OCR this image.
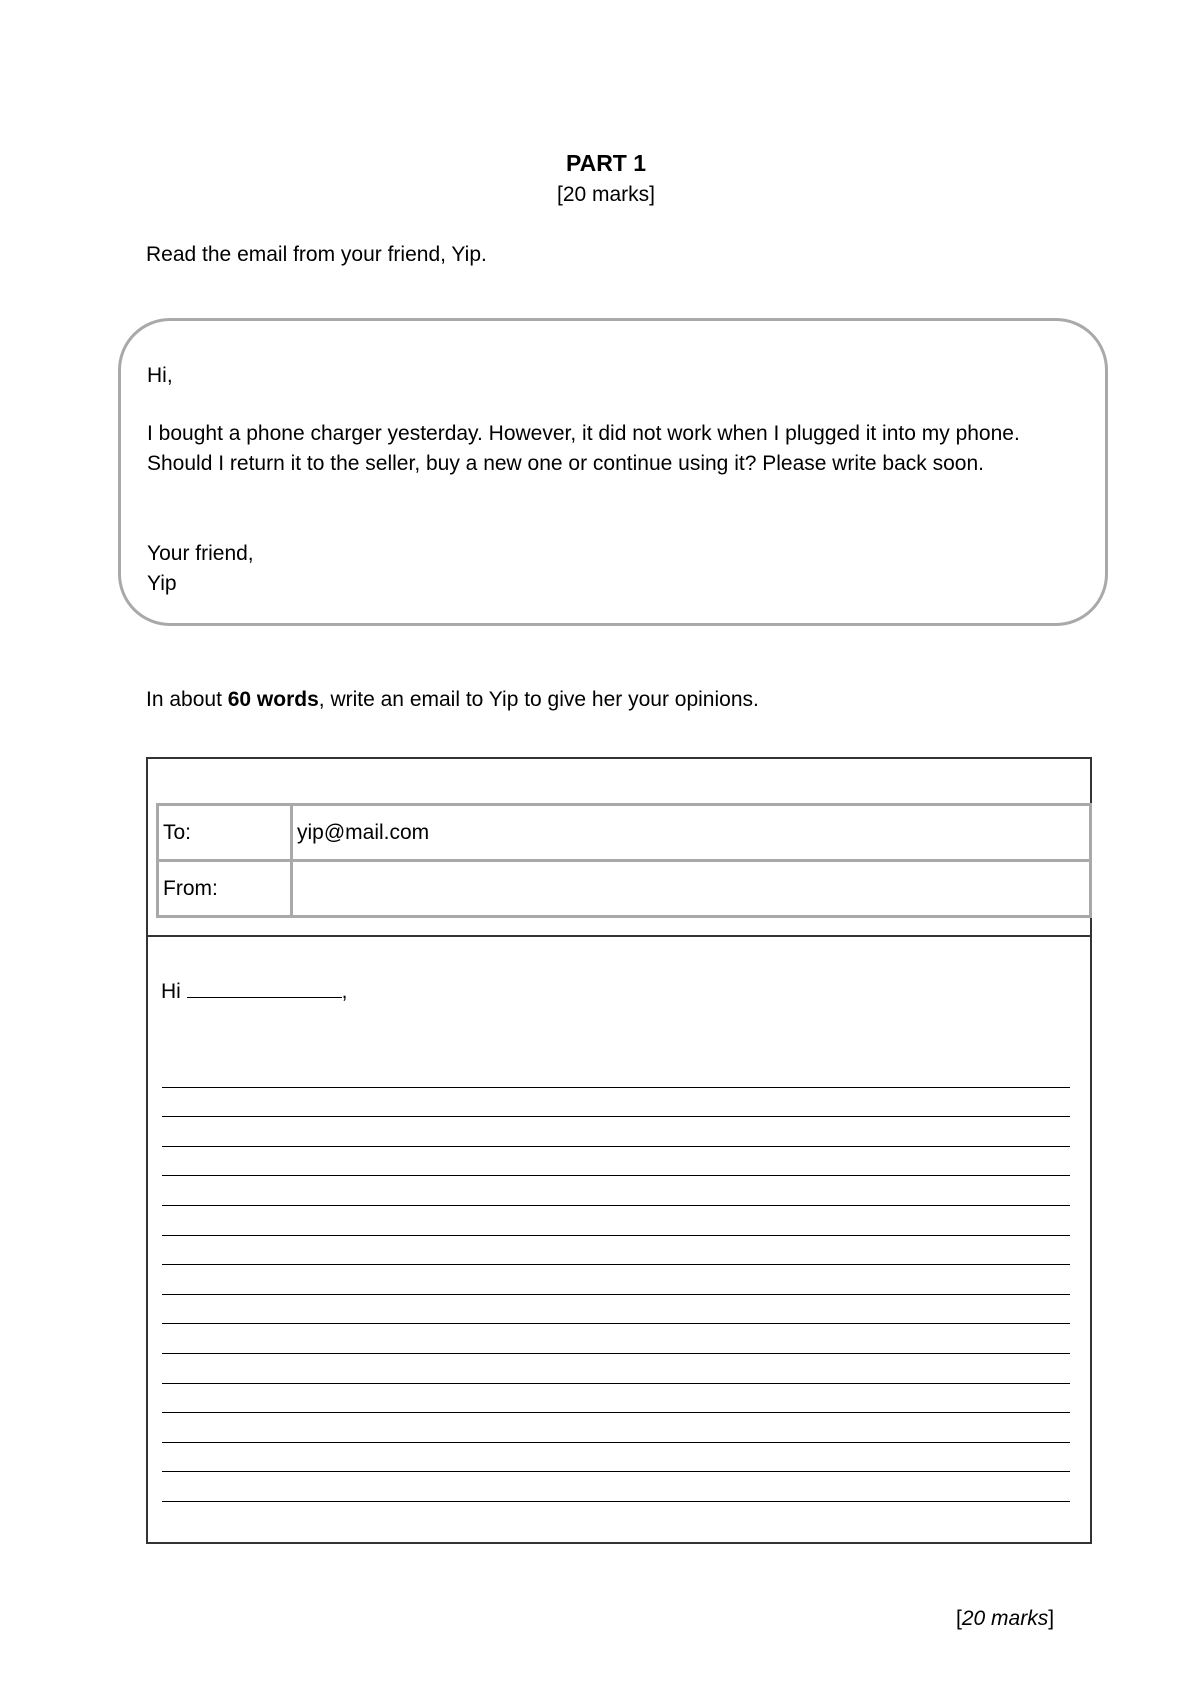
PART 1
[20 marks]
Read the email from your friend, Yip.
Hi,
I bought a phone charger yesterday. However, it did not work when I plugged it into my phone. Should I return it to the seller, buy a new one or continue using it? Please write back soon.
Your friend,
Yip
In about 60 words, write an email to Yip to give her your opinions.
To:	yip@mail.com
From:	
Hi	,
[20 marks]
